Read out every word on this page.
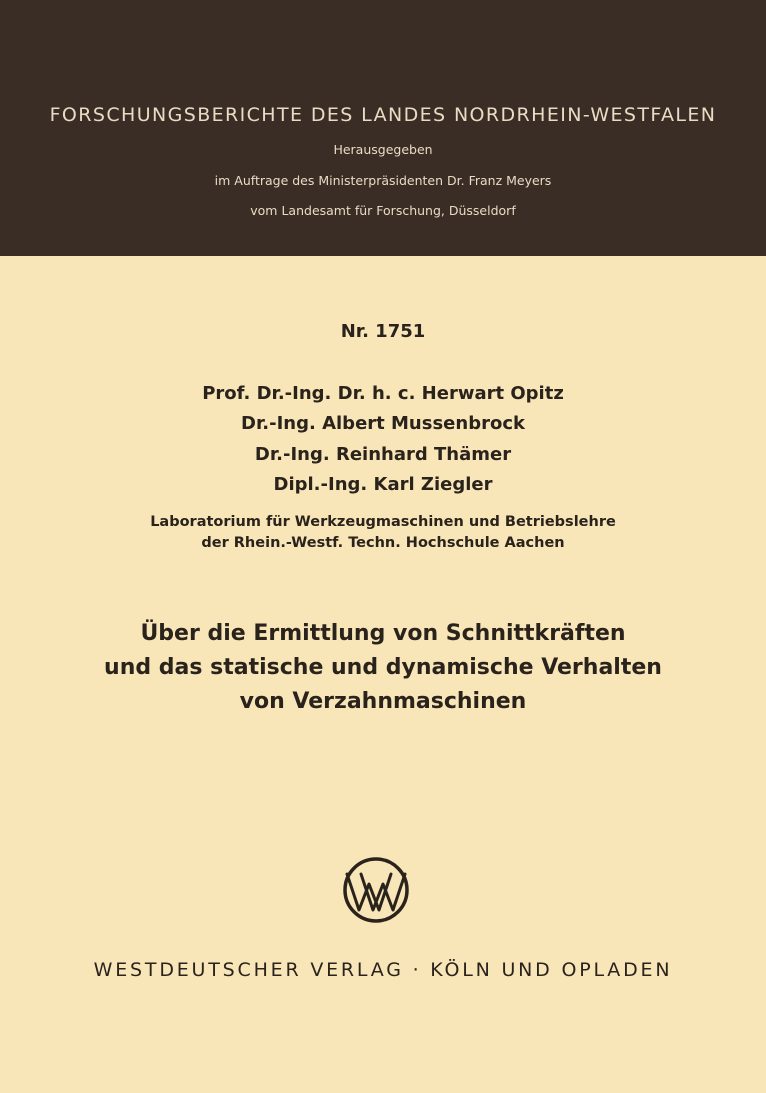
FORSCHUNGSBERICHTE DES LANDES NORDRHEIN-WESTFALEN
Herausgegeben
im Auftrage des Ministerpräsidenten Dr. Franz Meyers
vom Landesamt für Forschung, Düsseldorf
Nr. 1751
Prof. Dr.-Ing. Dr. h. c. Herwart Opitz
Dr.-Ing. Albert Mussenbrock
Dr.-Ing. Reinhard Thämer
Dipl.-Ing. Karl Ziegler
Laboratorium für Werkzeugmaschinen und Betriebslehre
der Rhein.-Westf. Techn. Hochschule Aachen
Über die Ermittlung von Schnittkräften
und das statische und dynamische Verhalten
von Verzahnmaschinen
WESTDEUTSCHER VERLAG · KÖLN UND OPLADEN
